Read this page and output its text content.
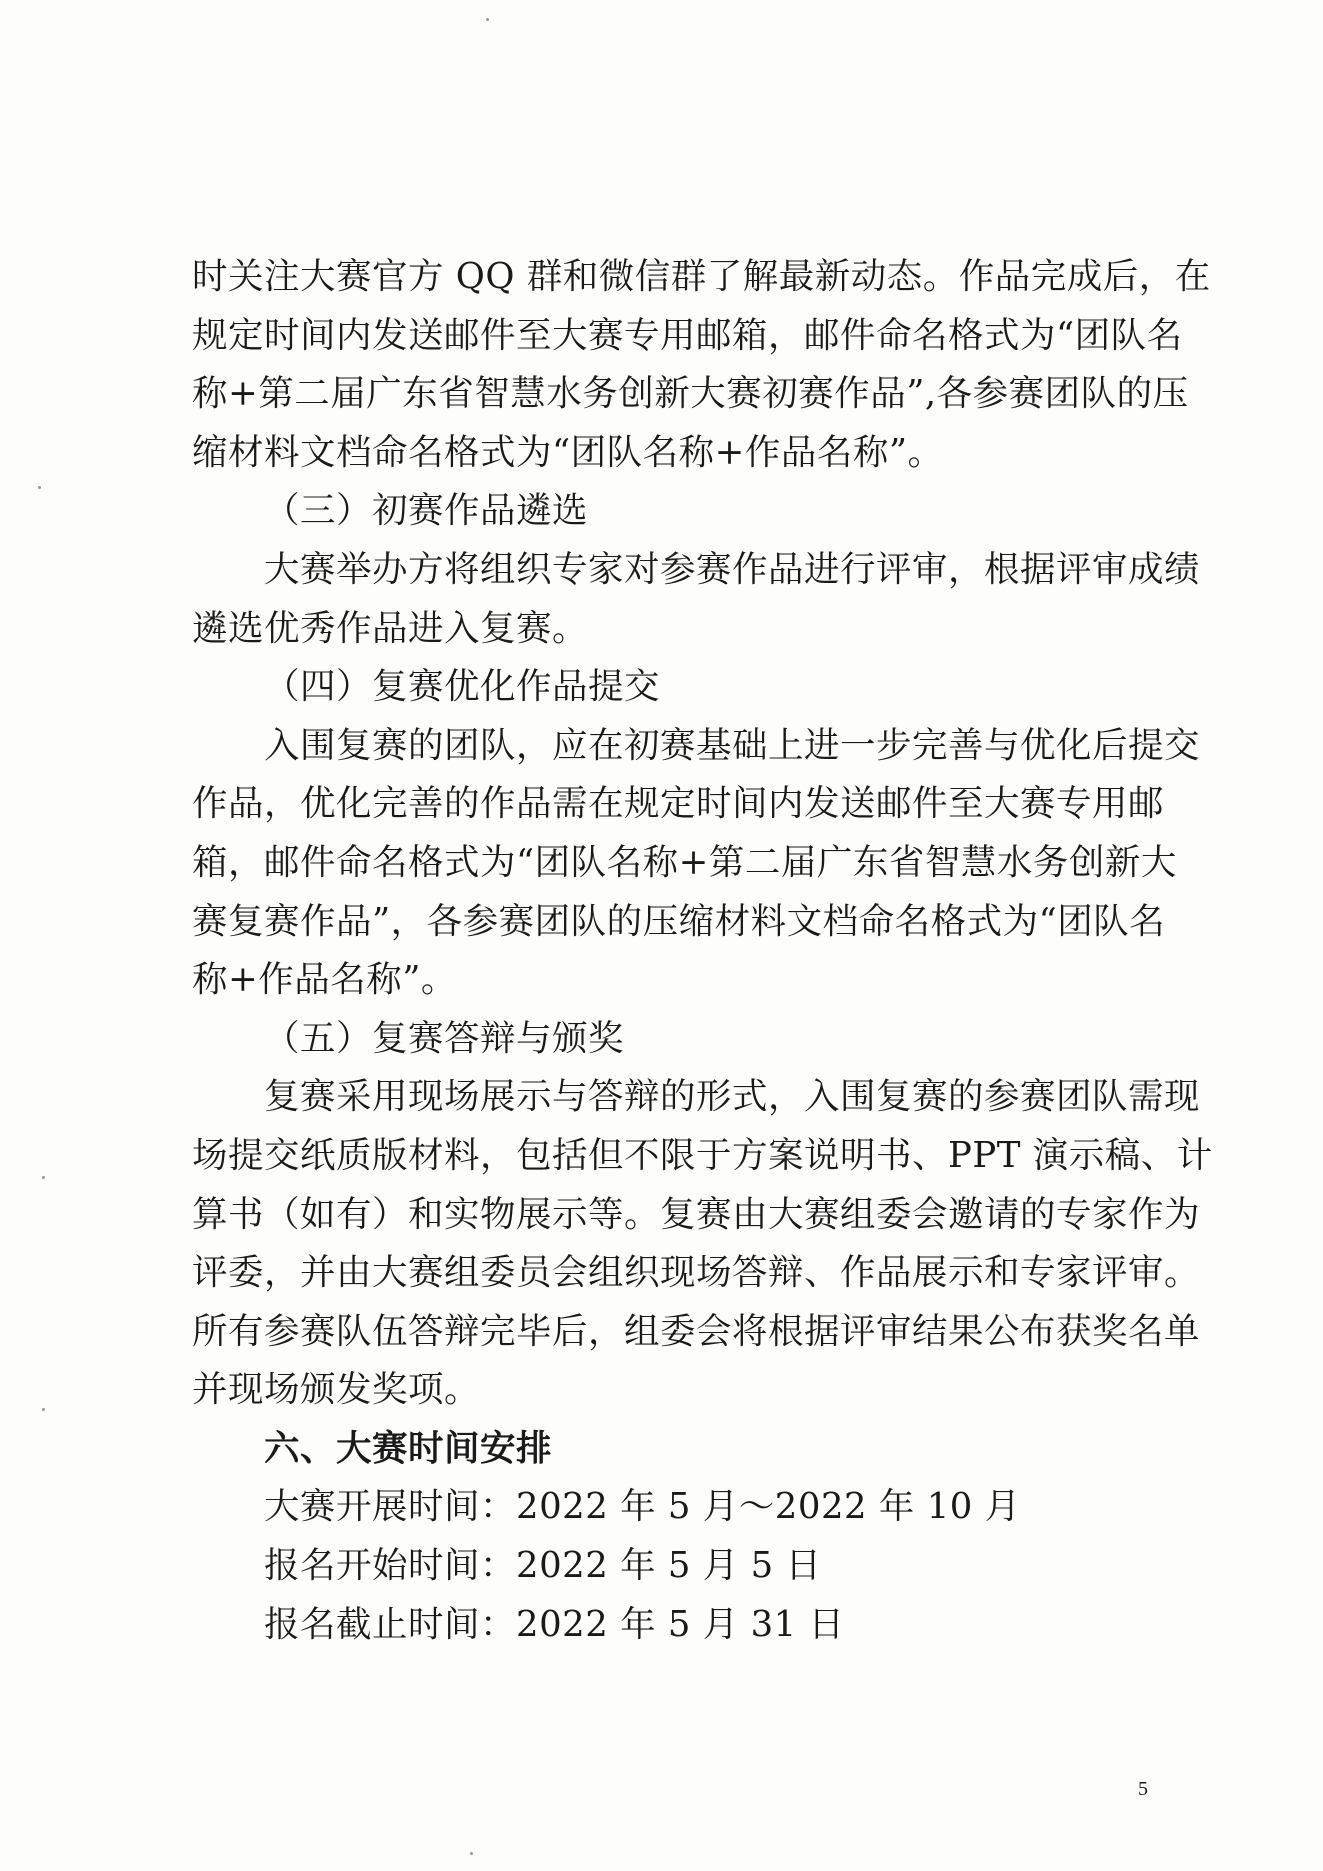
时关注大赛官方 QQ 群和微信群了解最新动态。作品完成后，在
规定时间内发送邮件至大赛专用邮箱，邮件命名格式为“团队名
称+第二届广东省智慧水务创新大赛初赛作品”,各参赛团队的压
缩材料文档命名格式为“团队名称+作品名称”。
（三）初赛作品遴选
大赛举办方将组织专家对参赛作品进行评审，根据评审成绩
遴选优秀作品进入复赛。
（四）复赛优化作品提交
入围复赛的团队，应在初赛基础上进一步完善与优化后提交
作品，优化完善的作品需在规定时间内发送邮件至大赛专用邮
箱，邮件命名格式为“团队名称+第二届广东省智慧水务创新大
赛复赛作品”，各参赛团队的压缩材料文档命名格式为“团队名
称+作品名称”。
（五）复赛答辩与颁奖
复赛采用现场展示与答辩的形式，入围复赛的参赛团队需现
场提交纸质版材料，包括但不限于方案说明书、PPT 演示稿、计
算书（如有）和实物展示等。复赛由大赛组委会邀请的专家作为
评委，并由大赛组委员会组织现场答辩、作品展示和专家评审。
所有参赛队伍答辩完毕后，组委会将根据评审结果公布获奖名单
并现场颁发奖项。
六、大赛时间安排
大赛开展时间：2022 年 5 月～2022 年 10 月
报名开始时间：2022 年 5 月 5 日
报名截止时间：2022 年 5 月 31 日
5
